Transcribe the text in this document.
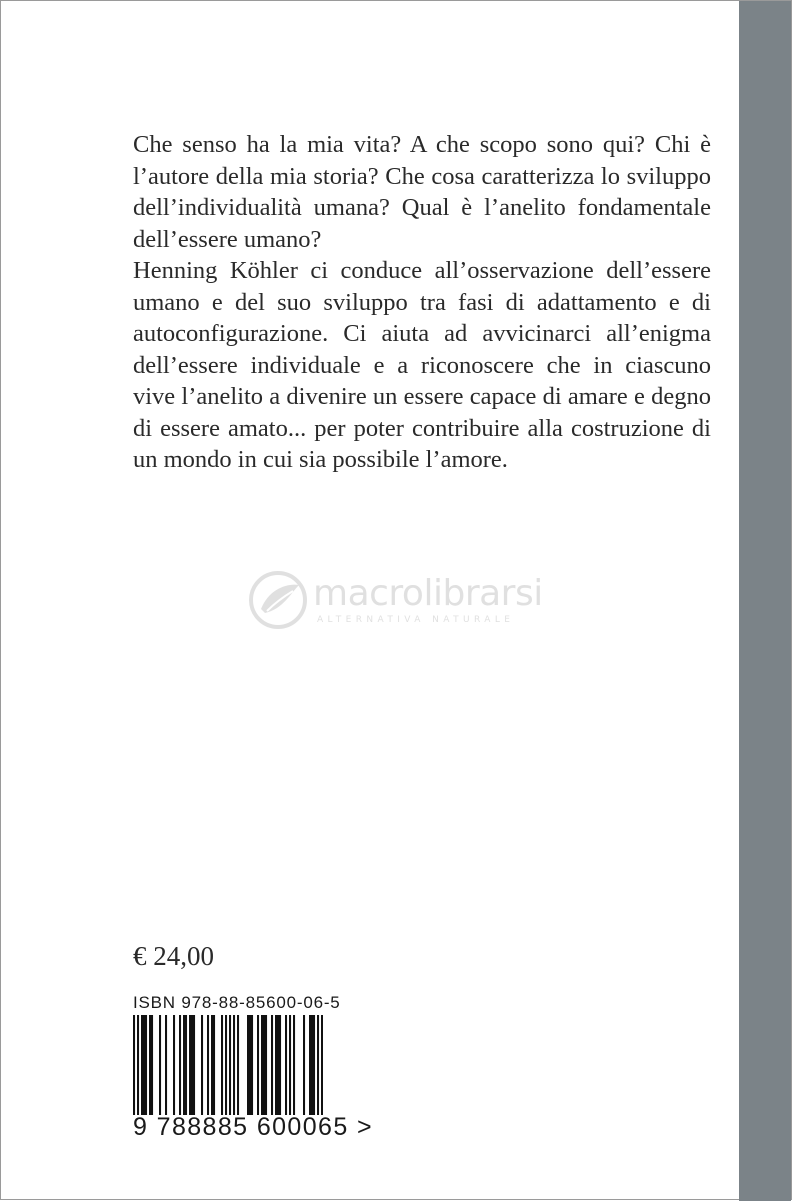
Che senso ha la mia vita? A che scopo sono qui? Chi è l’autore della mia storia? Che cosa caratterizza lo sviluppo dell’individualità umana? Qual è l’anelito fondamentale dell’essere umano?

Henning Köhler ci conduce all’osservazione dell’essere umano e del suo sviluppo tra fasi di adattamento e di autoconfigurazione. Ci aiuta ad avvicinarci all’enigma dell’essere individuale e a riconoscere che in ciascuno vive l’anelito a divenire un essere capace di amare e degno di essere amato... per poter contribuire alla costruzione di un mondo in cui sia possibile l’amore.

macrolibrarsi
ALTERNATIVA NATURALE
€ 24,00
ISBN 978-88-85600-06-5
9 788885 600065 >
